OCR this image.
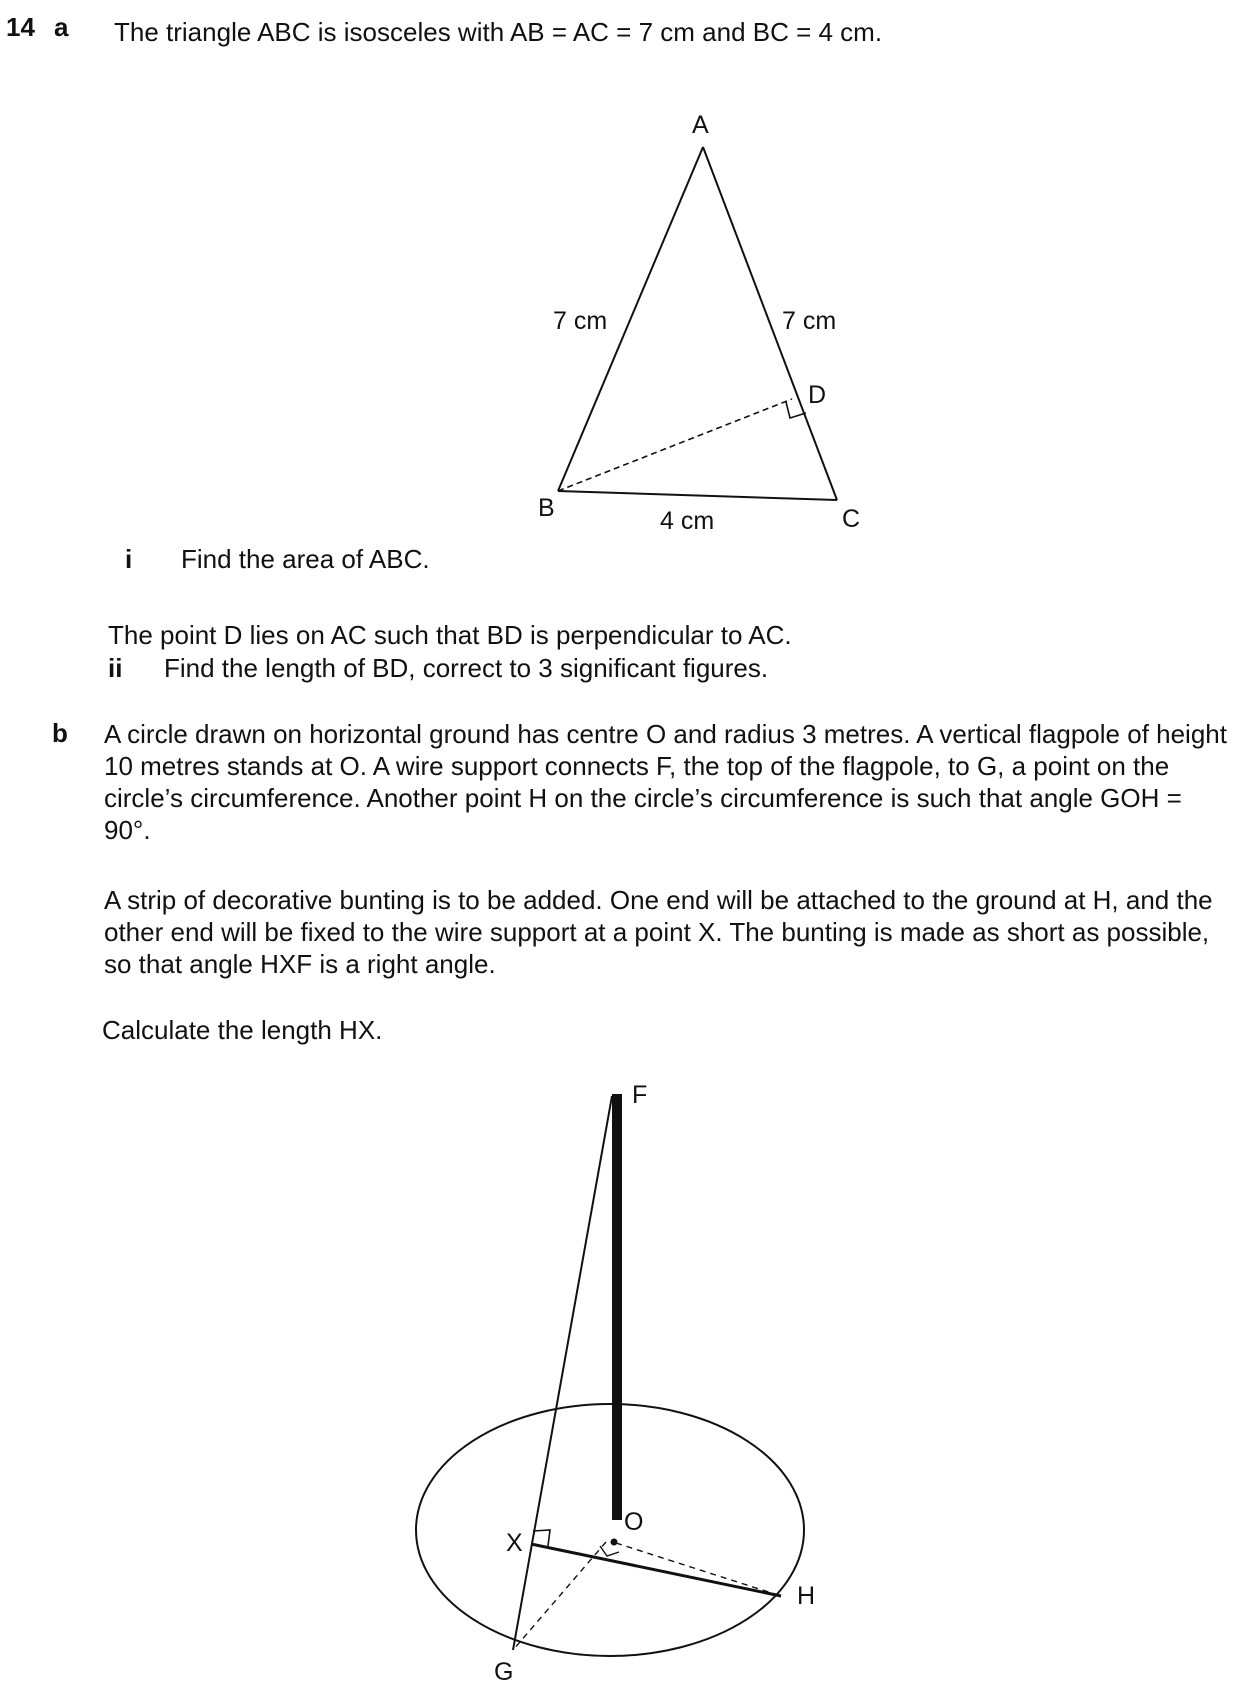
14 a The triangle ABC is isosceles with AB = AC = 7 cm and BC = 4 cm.
i Find the area of ABC.
The point D lies on AC such that BD is perpendicular to AC.
ii Find the length of BD, correct to 3 significant figures.
b A circle drawn on horizontal ground has centre O and radius 3 metres. A vertical flagpole of height 10 metres stands at O. A wire support connects F, the top of the flagpole, to G, a point on the circle’s circumference. Another point H on the circle’s circumference is such that angle GOH = 90°.
A strip of decorative bunting is to be added. One end will be attached to the ground at H, and the other end will be fixed to the wire support at a point X. The bunting is made as short as possible, so that angle HXF is a right angle.
Calculate the length HX.
A
B	C
D
7 cm	7 cm
4 cm
F
O
X
H
G
